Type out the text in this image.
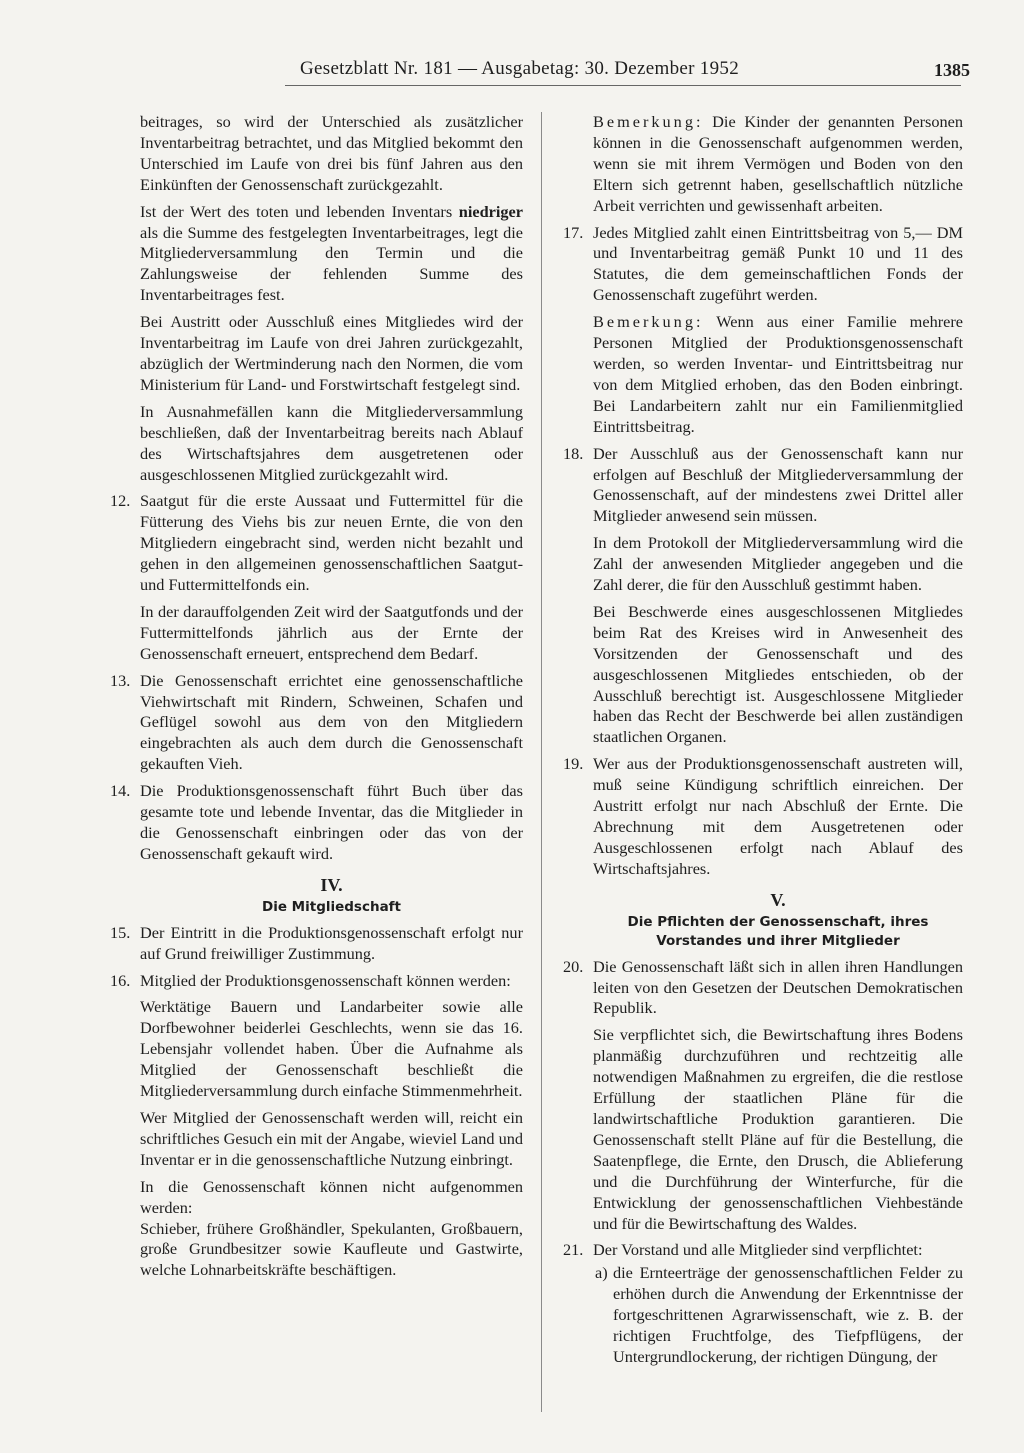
Gesetzblatt Nr. 181 — Ausgabetag: 30. Dezember 1952	1385
beitrages, so wird der Unterschied als zusätzlicher Inventarbeitrag betrachtet, und das Mitglied bekommt den Unterschied im Laufe von drei bis fünf Jahren aus den Einkünften der Genossenschaft zurückgezahlt.
Ist der Wert des toten und lebenden Inventars niedriger als die Summe des festgelegten Inventarbeitrages, legt die Mitgliederversammlung den Termin und die Zahlungsweise der fehlenden Summe des Inventarbeitrages fest.
Bei Austritt oder Ausschluß eines Mitgliedes wird der Inventarbeitrag im Laufe von drei Jahren zurückgezahlt, abzüglich der Wertminderung nach den Normen, die vom Ministerium für Land- und Forstwirtschaft festgelegt sind.
In Ausnahmefällen kann die Mitgliederversammlung beschließen, daß der Inventarbeitrag bereits nach Ablauf des Wirtschaftsjahres dem ausgetretenen oder ausgeschlossenen Mitglied zurückgezahlt wird.
12. Saatgut für die erste Aussaat und Futtermittel für die Fütterung des Viehs bis zur neuen Ernte, die von den Mitgliedern eingebracht sind, werden nicht bezahlt und gehen in den allgemeinen genossenschaftlichen Saatgut- und Futtermittelfonds ein.
In der darauffolgenden Zeit wird der Saatgutfonds und der Futtermittelfonds jährlich aus der Ernte der Genossenschaft erneuert, entsprechend dem Bedarf.
13. Die Genossenschaft errichtet eine genossenschaftliche Viehwirtschaft mit Rindern, Schweinen, Schafen und Geflügel sowohl aus dem von den Mitgliedern eingebrachten als auch dem durch die Genossenschaft gekauften Vieh.
14. Die Produktionsgenossenschaft führt Buch über das gesamte tote und lebende Inventar, das die Mitglieder in die Genossenschaft einbringen oder das von der Genossenschaft gekauft wird.
IV.
Die Mitgliedschaft
15. Der Eintritt in die Produktionsgenossenschaft erfolgt nur auf Grund freiwilliger Zustimmung.
16. Mitglied der Produktionsgenossenschaft können werden:
Werktätige Bauern und Landarbeiter sowie alle Dorfbewohner beiderlei Geschlechts, wenn sie das 16. Lebensjahr vollendet haben. Über die Aufnahme als Mitglied der Genossenschaft beschließt die Mitgliederversammlung durch einfache Stimmenmehrheit.
Wer Mitglied der Genossenschaft werden will, reicht ein schriftliches Gesuch ein mit der Angabe, wieviel Land und Inventar er in die genossenschaftliche Nutzung einbringt.
In die Genossenschaft können nicht aufgenommen werden:
Schieber, frühere Großhändler, Spekulanten, Großbauern, große Grundbesitzer sowie Kaufleute und Gastwirte, welche Lohnarbeitskräfte beschäftigen.
Bemerkung: Die Kinder der genannten Personen können in die Genossenschaft aufgenommen werden, wenn sie mit ihrem Vermögen und Boden von den Eltern sich getrennt haben, gesellschaftlich nützliche Arbeit verrichten und gewissenhaft arbeiten.
17. Jedes Mitglied zahlt einen Eintrittsbeitrag von 5,— DM und Inventarbeitrag gemäß Punkt 10 und 11 des Statutes, die dem gemeinschaftlichen Fonds der Genossenschaft zugeführt werden.
Bemerkung: Wenn aus einer Familie mehrere Personen Mitglied der Produktionsgenossenschaft werden, so werden Inventar- und Eintrittsbeitrag nur von dem Mitglied erhoben, das den Boden einbringt. Bei Landarbeitern zahlt nur ein Familienmitglied Eintrittsbeitrag.
18. Der Ausschluß aus der Genossenschaft kann nur erfolgen auf Beschluß der Mitgliederversammlung der Genossenschaft, auf der mindestens zwei Drittel aller Mitglieder anwesend sein müssen.
In dem Protokoll der Mitgliederversammlung wird die Zahl der anwesenden Mitglieder angegeben und die Zahl derer, die für den Ausschluß gestimmt haben.
Bei Beschwerde eines ausgeschlossenen Mitgliedes beim Rat des Kreises wird in Anwesenheit des Vorsitzenden der Genossenschaft und des ausgeschlossenen Mitgliedes entschieden, ob der Ausschluß berechtigt ist. Ausgeschlossene Mitglieder haben das Recht der Beschwerde bei allen zuständigen staatlichen Organen.
19. Wer aus der Produktionsgenossenschaft austreten will, muß seine Kündigung schriftlich einreichen. Der Austritt erfolgt nur nach Abschluß der Ernte. Die Abrechnung mit dem Ausgetretenen oder Ausgeschlossenen erfolgt nach Ablauf des Wirtschaftsjahres.
V.
Die Pflichten der Genossenschaft, ihres Vorstandes und ihrer Mitglieder
20. Die Genossenschaft läßt sich in allen ihren Handlungen leiten von den Gesetzen der Deutschen Demokratischen Republik.
Sie verpflichtet sich, die Bewirtschaftung ihres Bodens planmäßig durchzuführen und rechtzeitig alle notwendigen Maßnahmen zu ergreifen, die die restlose Erfüllung der staatlichen Pläne für die landwirtschaftliche Produktion garantieren. Die Genossenschaft stellt Pläne auf für die Bestellung, die Saatenpflege, die Ernte, den Drusch, die Ablieferung und die Durchführung der Winterfurche, für die Entwicklung der genossenschaftlichen Viehbestände und für die Bewirtschaftung des Waldes.
21. Der Vorstand und alle Mitglieder sind verpflichtet:
a) die Ernteerträge der genossenschaftlichen Felder zu erhöhen durch die Anwendung der Erkenntnisse der fortgeschrittenen Agrarwissenschaft, wie z. B. der richtigen Fruchtfolge, des Tiefpflügens, der Untergrundlockerung, der richtigen Düngung, der
